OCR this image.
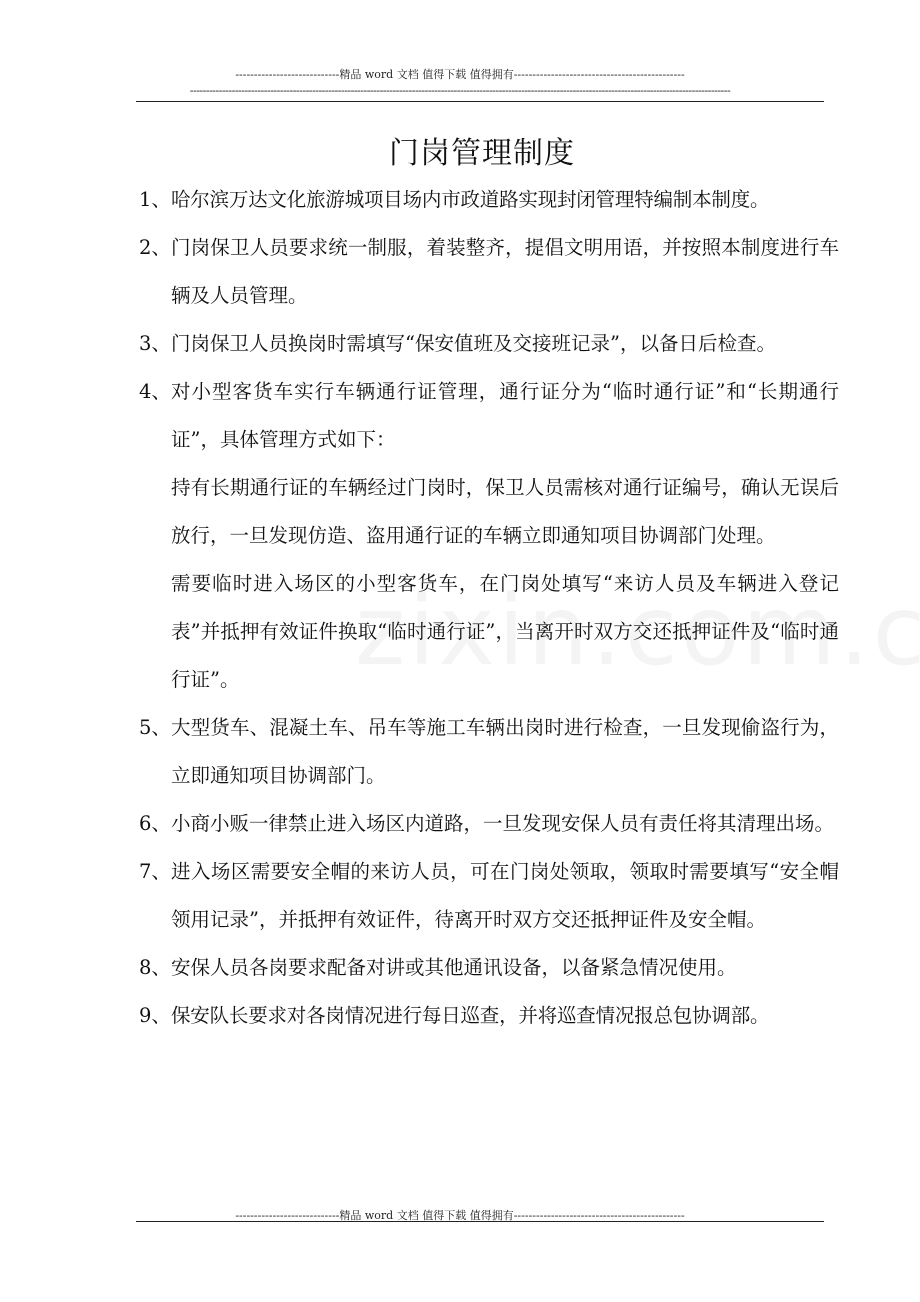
----------------------------精品 word 文档 值得下载 值得拥有----------------------------------------------
------------------------------------------------------------------------------------------------------------------------------------------------------------------------
门岗管理制度
1、 哈尔滨万达文化旅游城项目场内市政道路实现封闭管理特编制本制度。
2、 门岗保卫人员要求统一制服，着装整齐，提倡文明用语，并按照本制度进行车辆及人员管理。
3、 门岗保卫人员换岗时需填写“保安值班及交接班记录”，以备日后检查。
4、 对小型客货车实行车辆通行证管理，通行证分为“临时通行证”和“长期通行证”，具体管理方式如下：
持有长期通行证的车辆经过门岗时，保卫人员需核对通行证编号，确认无误后放行，一旦发现仿造、盗用通行证的车辆立即通知项目协调部门处理。
需要临时进入场区的小型客货车，在门岗处填写“来访人员及车辆进入登记表”并抵押有效证件换取“临时通行证”，当离开时双方交还抵押证件及“临时通行证”。
5、 大型货车、混凝土车、吊车等施工车辆出岗时进行检查，一旦发现偷盗行为，立即通知项目协调部门。
6、 小商小贩一律禁止进入场区内道路，一旦发现安保人员有责任将其清理出场。
7、 进入场区需要安全帽的来访人员，可在门岗处领取，领取时需要填写“安全帽领用记录”，并抵押有效证件，待离开时双方交还抵押证件及安全帽。
8、 安保人员各岗要求配备对讲或其他通讯设备，以备紧急情况使用。
9、 保安队长要求对各岗情况进行每日巡查，并将巡查情况报总包协调部。
----------------------------精品 word 文档 值得下载 值得拥有----------------------------------------------
